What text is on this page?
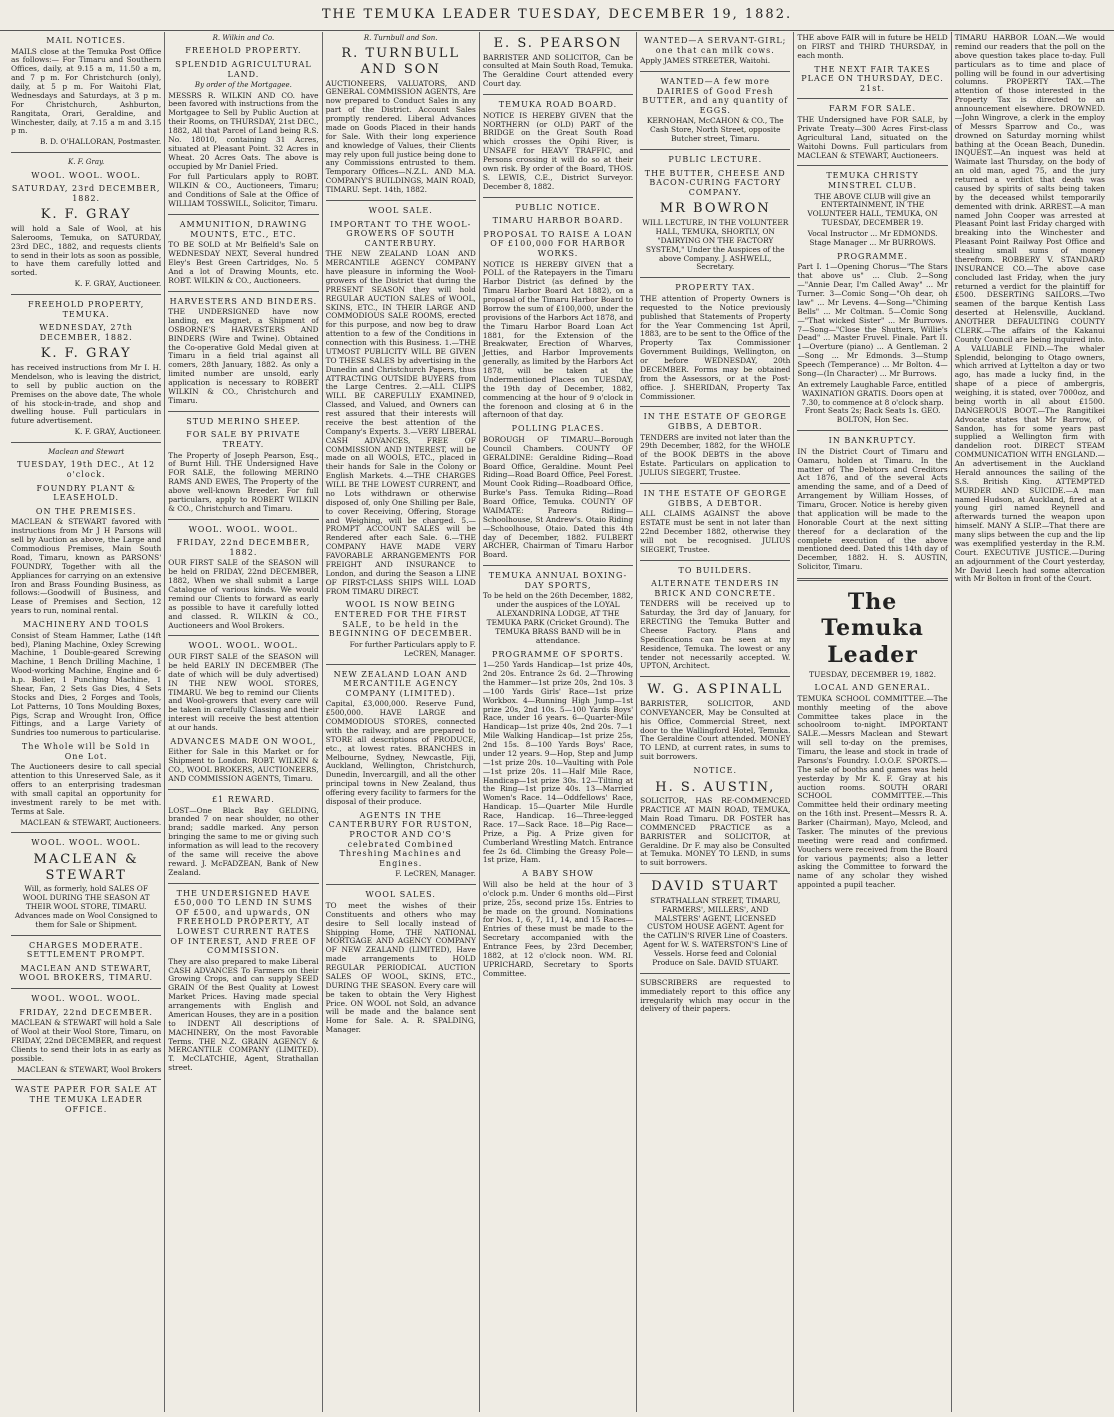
THE TEMUKA LEADER TUESDAY, DECEMBER 19, 1882.
MAIL NOTICES.

MAILS close at the Temuka Post Office as follows:— For Timaru and Southern Offices, daily, at 9.15 a m, 11.50 a m, and 7 p m. For Christchurch (only), daily, at 5 p m. For Waitohi Flat, Wednesdays and Saturdays, at 3 p m. For Christchurch, Ashburton, Rangitata, Orari, Geraldine, and Winchester, daily, at 7.15 a m and 3.15 p m.

B. D. O'HALLORAN, Postmaster.

K. F. Gray.
WOOL. WOOL. WOOL.
SATURDAY, 23rd DECEMBER, 1882.
K. F. GRAY

will hold a Sale of Wool, at his Salerooms, Temuka, on SATURDAY, 23rd DEC., 1882, and requests clients to send in their lots as soon as possible, to have them carefully lotted and sorted.

K. F. GRAY, Auctioneer.

FREEHOLD PROPERTY, TEMUKA.
WEDNESDAY, 27th DECEMBER, 1882.
K. F. GRAY

has received instructions from Mr I. H. Mendelson, who is leaving the district, to sell by public auction on the Premises on the above date, The whole of his stock-in-trade, and shop and dwelling house. Full particulars in future advertisement.

K. F. GRAY, Auctioneer.

Maclean and Stewart
TUESDAY, 19th DEC., At 12 o'clock.
FOUNDRY PLANT & LEASEHOLD.
ON THE PREMISES.

MACLEAN & STEWART favored with instructions from Mr J H Parsons will sell by Auction as above, the Large and Commodious Premises, Main South Road, Timaru, known as PARSONS' FOUNDRY, Together with all the Appliances for carrying on an extensive Iron and Brass Founding Business, as follows:—Goodwill of Business, and Lease of Premises and Section, 12 years to run, nominal rental.

MACHINERY AND TOOLS

Consist of Steam Hammer, Lathe (14ft bed), Planing Machine, Oxley Screwing Machine, 1 Double-geared Screwing Machine, 1 Bench Drilling Machine, 1 Wood-working Machine, Engine and 6-h.p. Boiler, 1 Punching Machine, 1 Shear, Fan, 2 Sets Gas Dies, 4 Sets Stocks and Dies, 2 Forges and Tools, Lot Patterns, 10 Tons Moulding Boxes, Pigs, Scrap and Wrought Iron, Office Fittings, and a Large Variety of Sundries too numerous to particularise.

The Whole will be Sold in One Lot.

The Auctioneers desire to call special attention to this Unreserved Sale, as it offers to an enterprising tradesman with small capital an opportunity for investment rarely to be met with. Terms at Sale.

MACLEAN & STEWART, Auctioneers.

WOOL. WOOL. WOOL.
MACLEAN & STEWART

Will, as formerly, hold SALES OF WOOL DURING THE SEASON AT THEIR WOOL STORE, TIMARU. Advances made on Wool Consigned to them for Sale or Shipment.

CHARGES MODERATE. SETTLEMENT PROMPT.
MACLEAN AND STEWART, WOOL BROKERS, TIMARU.
WOOL. WOOL. WOOL.
FRIDAY, 22nd DECEMBER.

MACLEAN & STEWART will hold a Sale of Wool at their Wool Store, Timaru, on FRIDAY, 22nd DECEMBER, and request Clients to send their lots in as early as possible.

MACLEAN & STEWART, Wool Brokers

WASTE PAPER FOR SALE AT THE TEMUKA LEADER OFFICE.
R. Wilkin and Co.
FREEHOLD PROPERTY.
SPLENDID AGRICULTURAL LAND.
By order of the Mortgagee.

MESSRS R. WILKIN AND CO. have been favored with instructions from the Mortgagee to Sell by Public Auction at their Rooms, on THURSDAY, 21st DEC., 1882, All that Parcel of Land being R.S. No. 18010, containing 31 Acres, situated at Pleasant Point. 32 Acres in Wheat. 20 Acres Oats. The above is occupied by Mr Daniel Fried.

For full Particulars apply to ROBT. WILKIN & CO., Auctioneers, Timaru; and Conditions of Sale at the Office of WILLIAM TOSSWILL, Solicitor, Timaru.

AMMUNITION, DRAWING MOUNTS, ETC., ETC.

TO BE SOLD at Mr Belfield's Sale on WEDNESDAY NEXT, Several hundred Eley's Best Green Cartridges, No. 5 And a lot of Drawing Mounts, etc. ROBT. WILKIN & CO., Auctioneers.

HARVESTERS AND BINDERS.

THE UNDERSIGNED have now landing, ex Magnet, a Shipment of OSBORNE'S HARVESTERS AND BINDERS (Wire and Twine). Obtained the Co-operative Gold Medal given at Timaru in a field trial against all comers, 28th January, 1882. As only a limited number are unsold, early application is necessary to ROBERT WILKIN & CO., Christchurch and Timaru.

STUD MERINO SHEEP.
FOR SALE BY PRIVATE TREATY.

The Property of Joseph Pearson, Esq., of Burnt Hill. THE Undersigned Have FOR SALE, the following MERINO RAMS AND EWES, The Property of the above well-known Breeder. For full particulars, apply to ROBERT WILKIN & CO., Christchurch and Timaru.

WOOL. WOOL. WOOL.
FRIDAY, 22nd DECEMBER, 1882.

OUR FIRST SALE of the SEASON will be held on FRIDAY, 22nd DECEMBER, 1882, When we shall submit a Large Catalogue of various kinds. We would remind our Clients to forward as early as possible to have it carefully lotted and classed. R. WILKIN & CO., Auctioneers and Wool Brokers.

WOOL. WOOL. WOOL.

OUR FIRST SALE of the SEASON will be held EARLY IN DECEMBER (The date of which will be duly advertised) IN THE NEW WOOL STORES, TIMARU. We beg to remind our Clients and Wool-growers that every care will be taken in carefully Classing and their interest will receive the best attention at our hands.

ADVANCES MADE ON WOOL,

Either for Sale in this Market or for Shipment to London. ROBT. WILKIN & CO., WOOL BROKERS, AUCTIONEERS, AND COMMISSION AGENTS, Timaru.

£1 REWARD.

LOST—One Black Bay GELDING, branded 7 on near shoulder, no other brand; saddle marked. Any person bringing the same to me or giving such information as will lead to the recovery of the same will receive the above reward. J. McFADZEAN, Bank of New Zealand.

THE UNDERSIGNED HAVE £50,000 TO LEND IN SUMS OF £500, and upwards, ON FREEHOLD PROPERTY, AT LOWEST CURRENT RATES OF INTEREST, AND FREE OF COMMISSION.

They are also prepared to make Liberal CASH ADVANCES To Farmers on their Growing Crops, and can supply SEED GRAIN Of the Best Quality at Lowest Market Prices. Having made special arrangements with English and American Houses, they are in a position to INDENT All descriptions of MACHINERY, On the most Favorable Terms. THE N.Z. GRAIN AGENCY & MERCANTILE COMPANY (LIMITED). T. McCLATCHIE, Agent, Strathallan street.

R. Turnbull and Son.
R. TURNBULL AND SON

AUCTIONEERS, VALUATORS, AND GENERAL COMMISSION AGENTS, Are now prepared to Conduct Sales in any part of the District. Account Sales promptly rendered. Liberal Advances made on Goods Placed in their hands for Sale. With their long experience and knowledge of Values, their Clients may rely upon full justice being done to any Commissions entrusted to them. Temporary Offices—N.Z.L. AND M.A. COMPANY'S BUILDINGS, MAIN ROAD, TIMARU. Sept. 14th, 1882.

WOOL SALE.
IMPORTANT TO THE WOOL-GROWERS OF SOUTH CANTERBURY.

THE NEW ZEALAND LOAN AND MERCANTILE AGENCY COMPANY have pleasure in informing the Wool-growers of the District that during the PRESENT SEASON they will hold REGULAR AUCTION SALES of WOOL, SKINS, ETC., IN THEIR LARGE AND COMMODIOUS SALE ROOMS, erected for this purpose, and now beg to draw attention to a few of the Conditions in connection with this Business. 1.—THE UTMOST PUBLICITY WILL BE GIVEN TO THESE SALES by advertising in the Dunedin and Christchurch Papers, thus ATTRACTING OUTSIDE BUYERS from the Large Centres. 2.—ALL CLIPS WILL BE CAREFULLY EXAMINED, Classed, and Valued, and Owners can rest assured that their interests will receive the best attention of the Company's Experts. 3.—VERY LIBERAL CASH ADVANCES, FREE OF COMMISSION AND INTEREST, will be made on all WOOLS, ETC., placed in their hands for Sale in the Colony or English Markets. 4.—THE CHARGES WILL BE THE LOWEST CURRENT, and no Lots withdrawn or otherwise disposed of, only One Shilling per Bale, to cover Receiving, Offering, Storage and Weighing, will be charged. 5.—PROMPT ACCOUNT SALES will be Rendered after each Sale. 6.—THE COMPANY HAVE MADE VERY FAVORABLE ARRANGEMENTS FOR FREIGHT AND INSURANCE to London, and during the Season a LINE OF FIRST-CLASS SHIPS WILL LOAD FROM TIMARU DIRECT.

WOOL IS NOW BEING ENTERED FOR THE FIRST SALE, to be held in the BEGINNING OF DECEMBER.

For further Particulars apply to F. LeCREN, Manager.

NEW ZEALAND LOAN AND MERCANTILE AGENCY COMPANY (LIMITED).

Capital, £3,000,000. Reserve Fund, £500,000. HAVE LARGE and COMMODIOUS STORES, connected with the railway, and are prepared to STORE all descriptions of PRODUCE, etc., at lowest rates. BRANCHES in Melbourne, Sydney, Newcastle, Fiji, Auckland, Wellington, Christchurch, Dunedin, Invercargill, and all the other principal towns in New Zealand, thus offering every facility to farmers for the disposal of their produce.

AGENTS IN THE CANTERBURY FOR RUSTON, PROCTOR AND CO'S celebrated Combined Threshing Machines and Engines.

F. LeCREN, Manager.

WOOL SALES.

TO meet the wishes of their Constituents and others who may desire to Sell locally instead of Shipping Home, THE NATIONAL MORTGAGE AND AGENCY COMPANY OF NEW ZEALAND (LIMITED), Have made arrangements to HOLD REGULAR PERIODICAL AUCTION SALES OF WOOL, SKINS, ETC., DURING THE SEASON. Every care will be taken to obtain the Very Highest Price. ON WOOL not Sold, an advance will be made and the balance sent Home for Sale. A. R. SPALDING, Manager.

E. S. PEARSON

BARRISTER AND SOLICITOR, Can be consulted at Main South Road, Temuka. The Geraldine Court attended every Court day.

TEMUKA ROAD BOARD.

NOTICE IS HEREBY GIVEN that the NORTHERN (or OLD) PART of the BRIDGE on the Great South Road which crosses the Opihi River, is UNSAFE for HEAVY TRAFFIC, and Persons crossing it will do so at their own risk. By order of the Board, THOS. S. LEWIS, C.E., District Surveyor. December 8, 1882.

PUBLIC NOTICE.
TIMARU HARBOR BOARD.
PROPOSAL TO RAISE A LOAN OF £100,000 FOR HARBOR WORKS.

NOTICE IS HEREBY GIVEN that a POLL of the Ratepayers in the Timaru Harbor District (as defined by the Timaru Harbor Board Act 1882), on a proposal of the Timaru Harbor Board to Borrow the sum of £100,000, under the provisions of the Harbors Act 1878, and the Timaru Harbor Board Loan Act 1881, for the Extension of the Breakwater, Erection of Wharves, Jetties, and Harbor Improvements generally, as limited by the Harbors Act 1878, will be taken at the Undermentioned Places on TUESDAY, the 19th day of December, 1882, commencing at the hour of 9 o'clock in the forenoon and closing at 6 in the afternoon of that day.

POLLING PLACES.

BOROUGH OF TIMARU—Borough Council Chambers. COUNTY OF GERALDINE: Geraldine Riding—Road Board Office, Geraldine. Mount Peel Riding—Road Board Office, Peel Forest. Mount Cook Riding—Roadboard Office, Burke's Pass. Temuka Riding—Road Board Office, Temuka. COUNTY OF WAIMATE: Pareora Riding—Schoolhouse, St Andrew's. Otaio Riding—Schoolhouse, Otaio. Dated this 4th day of December, 1882. FULBERT ARCHER, Chairman of Timaru Harbor Board.

TEMUKA ANNUAL BOXING-DAY SPORTS,

To be held on the 26th December, 1882, under the auspices of the LOYAL ALEXANDRINA LODGE, AT THE TEMUKA PARK (Cricket Ground). The TEMUKA BRASS BAND will be in attendance.

PROGRAMME OF SPORTS.

1—250 Yards Handicap—1st prize 40s, 2nd 20s. Entrance 2s 6d. 2—Throwing the Hammer—1st prize 20s, 2nd 10s. 3—100 Yards Girls' Race—1st prize Workbox. 4—Running High Jump—1st prize 20s, 2nd 10s. 5—100 Yards Boys' Race, under 16 years. 6—Quarter-Mile Handicap—1st prize 40s, 2nd 20s. 7—1 Mile Walking Handicap—1st prize 25s, 2nd 15s. 8—100 Yards Boys' Race, under 12 years. 9—Hop, Step and Jump—1st prize 20s. 10—Vaulting with Pole—1st prize 20s. 11—Half Mile Race, Handicap—1st prize 30s. 12—Tilting at the Ring—1st prize 40s. 13—Married Women's Race. 14—Oddfellows' Race, Handicap. 15—Quarter Mile Hurdle Race, Handicap. 16—Three-legged Race. 17—Sack Race. 18—Pig Race—Prize, a Pig. A Prize given for Cumberland Wrestling Match. Entrance fee 2s 6d. Climbing the Greasy Pole—1st prize, Ham.

A BABY SHOW

Will also be held at the hour of 3 o'clock p.m. Under 6 months old—First prize, 25s, second prize 15s. Entries to be made on the ground. Nominations for Nos. 1, 6, 7, 11, 14, and 15 Races—Entries of these must be made to the Secretary accompanied with the Entrance Fees, by 23rd December, 1882, at 12 o'clock noon. WM. RI. UPRICHARD, Secretary to Sports Committee.

WANTED—A SERVANT-GIRL; one that can milk cows.

Apply JAMES STREETER, Waitohi.

WANTED—A few more DAIRIES of Good Fresh BUTTER, and any quantity of EGGS.

KERNOHAN, McCAHON & CO., The Cash Store, North Street, opposite Butcher street, Timaru.

PUBLIC LECTURE.
THE BUTTER, CHEESE AND BACON-CURING FACTORY COMPANY.
MR BOWRON

WILL LECTURE, IN THE VOLUNTEER HALL, TEMUKA, SHORTLY, ON "DAIRYING ON THE FACTORY SYSTEM," Under the Auspices of the above Company. J. ASHWELL, Secretary.

PROPERTY TAX.

THE attention of Property Owners is requested to the Notice previously published that Statements of Property for the Year Commencing 1st April, 1883, are to be sent to the Office of the Property Tax Commissioner Government Buildings, Wellington, on or before WEDNESDAY, 20th DECEMBER. Forms may be obtained from the Assessors, or at the Post-office. J. SHERIDAN, Property Tax Commissioner.

IN THE ESTATE OF GEORGE GIBBS, A DEBTOR.

TENDERS are invited not later than the 29th December, 1882, for the WHOLE of the BOOK DEBTS in the above Estate. Particulars on application to JULIUS SIEGERT, Trustee.

IN THE ESTATE OF GEORGE GIBBS, A DEBTOR.

ALL CLAIMS AGAINST the above ESTATE must be sent in not later than 22nd December 1882, otherwise they will not be recognised. JULIUS SIEGERT, Trustee.

TO BUILDERS.
ALTERNATE TENDERS IN BRICK AND CONCRETE.

TENDERS will be received up to Saturday, the 3rd day of January, for ERECTING the Temuka Butter and Cheese Factory. Plans and Specifications can be seen at my Residence, Temuka. The lowest or any tender not necessarily accepted. W. UPTON, Architect.

W. G. ASPINALL

BARRISTER, SOLICITOR, AND CONVEYANCER, May be Consulted at his Office, Commercial Street, next door to the Wallingford Hotel, Temuka. The Geraldine Court attended. MONEY TO LEND, at current rates, in sums to suit borrowers.

NOTICE.
H. S. AUSTIN,

SOLICITOR, HAS RE-COMMENCED PRACTICE AT MAIN ROAD, TEMUKA, Main Road Timaru. DR FOSTER has COMMENCED PRACTICE as a BARRISTER and SOLICITOR, at Geraldine. Dr F. may also be Consulted at Temuka. MONEY TO LEND, in sums to suit borrowers.

DAVID STUART

STRATHALLAN STREET, TIMARU, FARMERS', MILLERS', AND MALSTERS' AGENT, LICENSED CUSTOM HOUSE AGENT. Agent for the CATLIN'S RIVER Line of Coasters. Agent for W. S. WATERSTON'S Line of Vessels. Horse feed and Colonial Produce on Sale. DAVID STUART.

SUBSCRIBERS are requested to immediately report to this office any irregularity which may occur in the delivery of their papers.

THE above FAIR will in future be HELD on FIRST and THIRD THURSDAY, in each month.

THE NEXT FAIR TAKES PLACE ON THURSDAY, DEC. 21st.
FARM FOR SALE.

THE Undersigned have FOR SALE, by Private Treaty—300 Acres First-class Agricultural Land, situated on the Waitohi Downs. Full particulars from MACLEAN & STEWART, Auctioneers.

TEMUKA CHRISTY MINSTREL CLUB.

THE ABOVE CLUB will give an ENTERTAINMENT, IN THE VOLUNTEER HALL, TEMUKA, ON TUESDAY, DECEMBER 19.

Vocal Instructor ... Mr EDMONDS. Stage Manager ... Mr BURROWS.

PROGRAMME.

Part I. 1—Opening Chorus—"The Stars that above us" ... Club. 2—Song—"Annie Dear, I'm Called Away" ... Mr Turner. 3—Comic Song—"Oh dear, oh law" ... Mr Levens. 4—Song—"Chiming Bells" ... Mr Coltman. 5—Comic Song—"That wicked Sister" ... Mr Burrows. 7—Song—"Close the Shutters, Willie's Dead" ... Master Fruvel. Finale. Part II. 1—Overture (piano) ... A Gentleman. 2—Song ... Mr Edmonds. 3—Stump Speech (Temperance) ... Mr Bolton. 4—Song—(In Character) ... Mr Burrows.

An extremely Laughable Farce, entitled WAXINATION GRATIS. Doors open at 7.30, to commence at 8 o'clock sharp. Front Seats 2s; Back Seats 1s. GEO. BOLTON, Hon Sec.

IN BANKRUPTCY.

IN the District Court of Timaru and Oamaru, holden at Timaru. In the matter of The Debtors and Creditors Act 1876, and of the several Acts amending the same, and of a Deed of Arrangement by William Hosses, of Timaru, Grocer. Notice is hereby given that application will be made to the Honorable Court at the next sitting thereof for a declaration of the complete execution of the above mentioned deed. Dated this 14th day of December, 1882. H. S. AUSTIN, Solicitor, Timaru.

The Temuka Leader
TUESDAY, DECEMBER 19, 1882.
LOCAL AND GENERAL.

TEMUKA SCHOOL COMMITTEE.—The monthly meeting of the above Committee takes place in the schoolroom to-night. IMPORTANT SALE.—Messrs Maclean and Stewart will sell to-day on the premises, Timaru, the lease and stock in trade of Parsons's Foundry. I.O.O.F. SPORTS.—The sale of booths and games was held yesterday by Mr K. F. Gray at his auction rooms. SOUTH ORARI SCHOOL COMMITTEE.—This Committee held their ordinary meeting on the 16th inst. Present—Messrs R. A. Barker (Chairman), Mayo, Mcleod, and Tasker. The minutes of the previous meeting were read and confirmed. Vouchers were received from the Board for various payments; also a letter asking the Committee to forward the name of any scholar they wished appointed a pupil teacher.

TIMARU HARBOR LOAN.—We would remind our readers that the poll on the above question takes place to-day. Full particulars as to time and place of polling will be found in our advertising columns. PROPERTY TAX.—The attention of those interested in the Property Tax is directed to an announcement elsewhere. DROWNED.—John Wingrove, a clerk in the employ of Messrs Sparrow and Co., was drowned on Saturday morning whilst bathing at the Ocean Beach, Dunedin. INQUEST.—An inquest was held at Waimate last Thursday, on the body of an old man, aged 75, and the jury returned a verdict that death was caused by spirits of salts being taken by the deceased whilst temporarily demented with drink. ARREST.—A man named John Cooper was arrested at Pleasant Point last Friday charged with breaking into the Winchester and Pleasant Point Railway Post Office and stealing small sums of money therefrom. ROBBERY V. STANDARD INSURANCE CO.—The above case concluded last Friday, when the jury returned a verdict for the plaintiff for £500. DESERTING SAILORS.—Two seamen of the barque Kentish Lass deserted at Helensville, Auckland. ANOTHER DEFAULTING COUNTY CLERK.—The affairs of the Kakanui County Council are being inquired into. A VALUABLE FIND.—The whaler Splendid, belonging to Otago owners, which arrived at Lyttelton a day or two ago, has made a lucky find, in the shape of a piece of ambergris, weighing, it is stated, over 7000oz, and being worth in all about £1500. DANGEROUS BOOT.—The Rangitikei Advocate states that Mr Barrow, of Sandon, has for some years past supplied a Wellington firm with dandelion root. DIRECT STEAM COMMUNICATION WITH ENGLAND.—An advertisement in the Auckland Herald announces the sailing of the S.S. British King. ATTEMPTED MURDER AND SUICIDE.—A man named Hudson, at Auckland, fired at a young girl named Reynell and afterwards turned the weapon upon himself. MANY A SLIP.—That there are many slips between the cup and the lip was exemplified yesterday in the R.M. Court. EXECUTIVE JUSTICE.—During an adjournment of the Court yesterday, Mr David Leech had some altercation with Mr Bolton in front of the Court.
